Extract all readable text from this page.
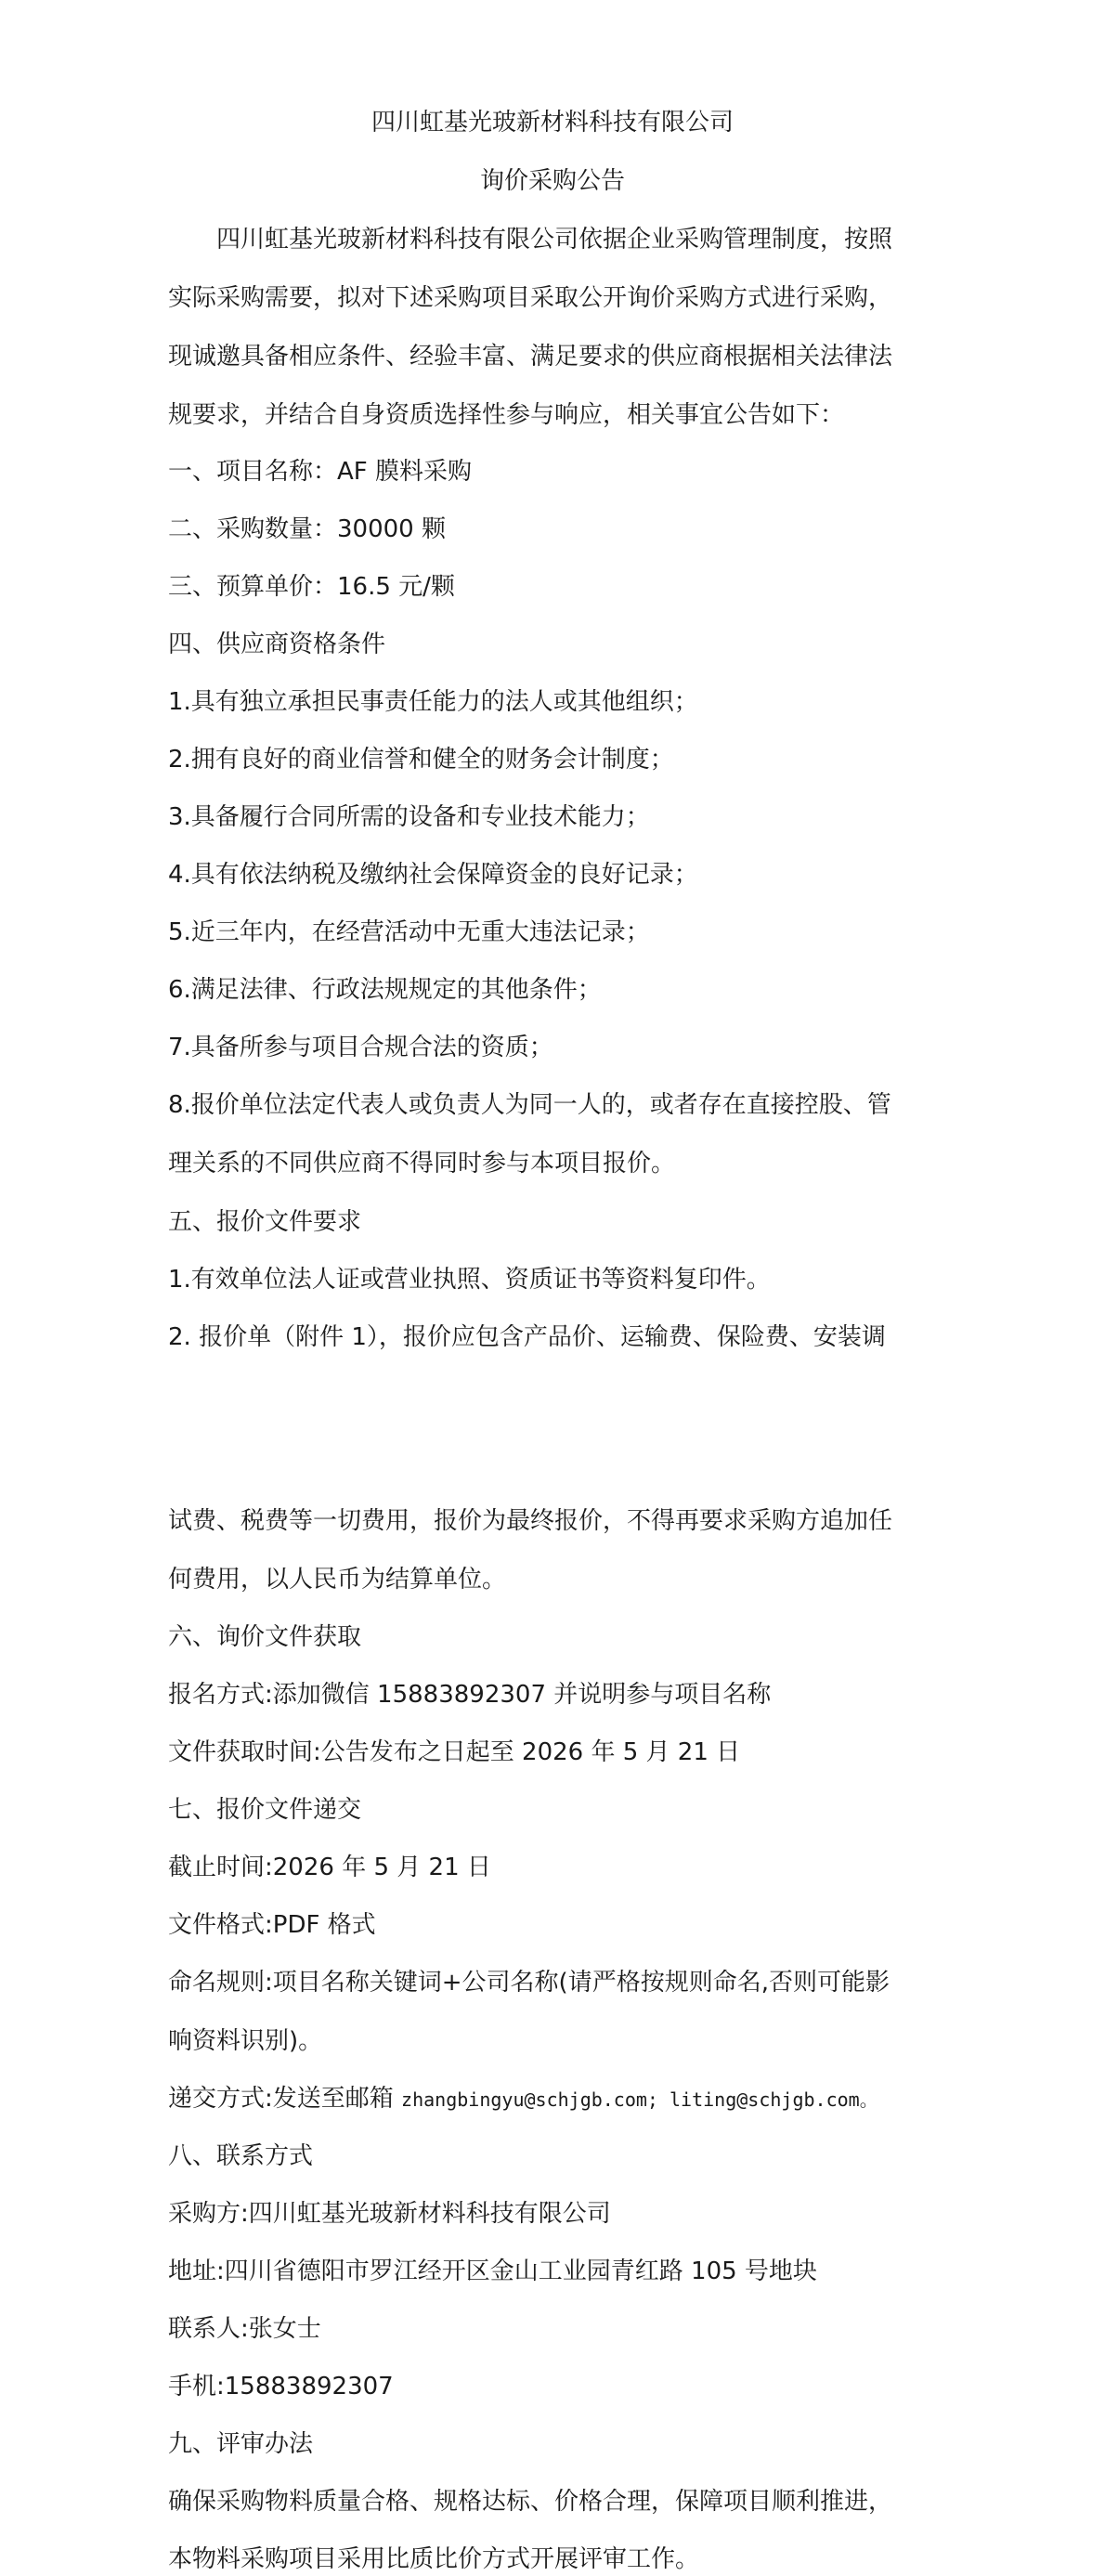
四川虹基光玻新材料科技有限公司
询价采购公告
四川虹基光玻新材料科技有限公司依据企业采购管理制度，按照
实际采购需要，拟对下述采购项目采取公开询价采购方式进行采购，
现诚邀具备相应条件、经验丰富、满足要求的供应商根据相关法律法
规要求，并结合自身资质选择性参与响应，相关事宜公告如下：
一、项目名称：AF 膜料采购
二、采购数量：30000 颗
三、预算单价：16.5 元/颗
四、供应商资格条件
1.具有独立承担民事责任能力的法人或其他组织；
2.拥有良好的商业信誉和健全的财务会计制度；
3.具备履行合同所需的设备和专业技术能力；
4.具有依法纳税及缴纳社会保障资金的良好记录；
5.近三年内，在经营活动中无重大违法记录；
6.满足法律、行政法规规定的其他条件；
7.具备所参与项目合规合法的资质；
8.报价单位法定代表人或负责人为同一人的，或者存在直接控股、管
理关系的不同供应商不得同时参与本项目报价。
五、报价文件要求
1.有效单位法人证或营业执照、资质证书等资料复印件。
2. 报价单（附件 1），报价应包含产品价、运输费、保险费、安装调
试费、税费等一切费用，报价为最终报价，不得再要求采购方追加任
何费用，以人民币为结算单位。
六、询价文件获取
报名方式:添加微信 15883892307 并说明参与项目名称
文件获取时间:公告发布之日起至 2026 年 5 月 21 日
七、报价文件递交
截止时间:2026 年 5 月 21 日
文件格式:PDF 格式
命名规则:项目名称关键词+公司名称(请严格按规则命名,否则可能影
响资料识别)。
递交方式:发送至邮箱 zhangbingyu@schjgb.com; liting@schjgb.com。
八、联系方式
采购方:四川虹基光玻新材料科技有限公司
地址:四川省德阳市罗江经开区金山工业园青红路 105 号地块
联系人:张女士
手机:15883892307
九、评审办法
确保采购物料质量合格、规格达标、价格合理，保障项目顺利推进，
本物料采购项目采用比质比价方式开展评审工作。
